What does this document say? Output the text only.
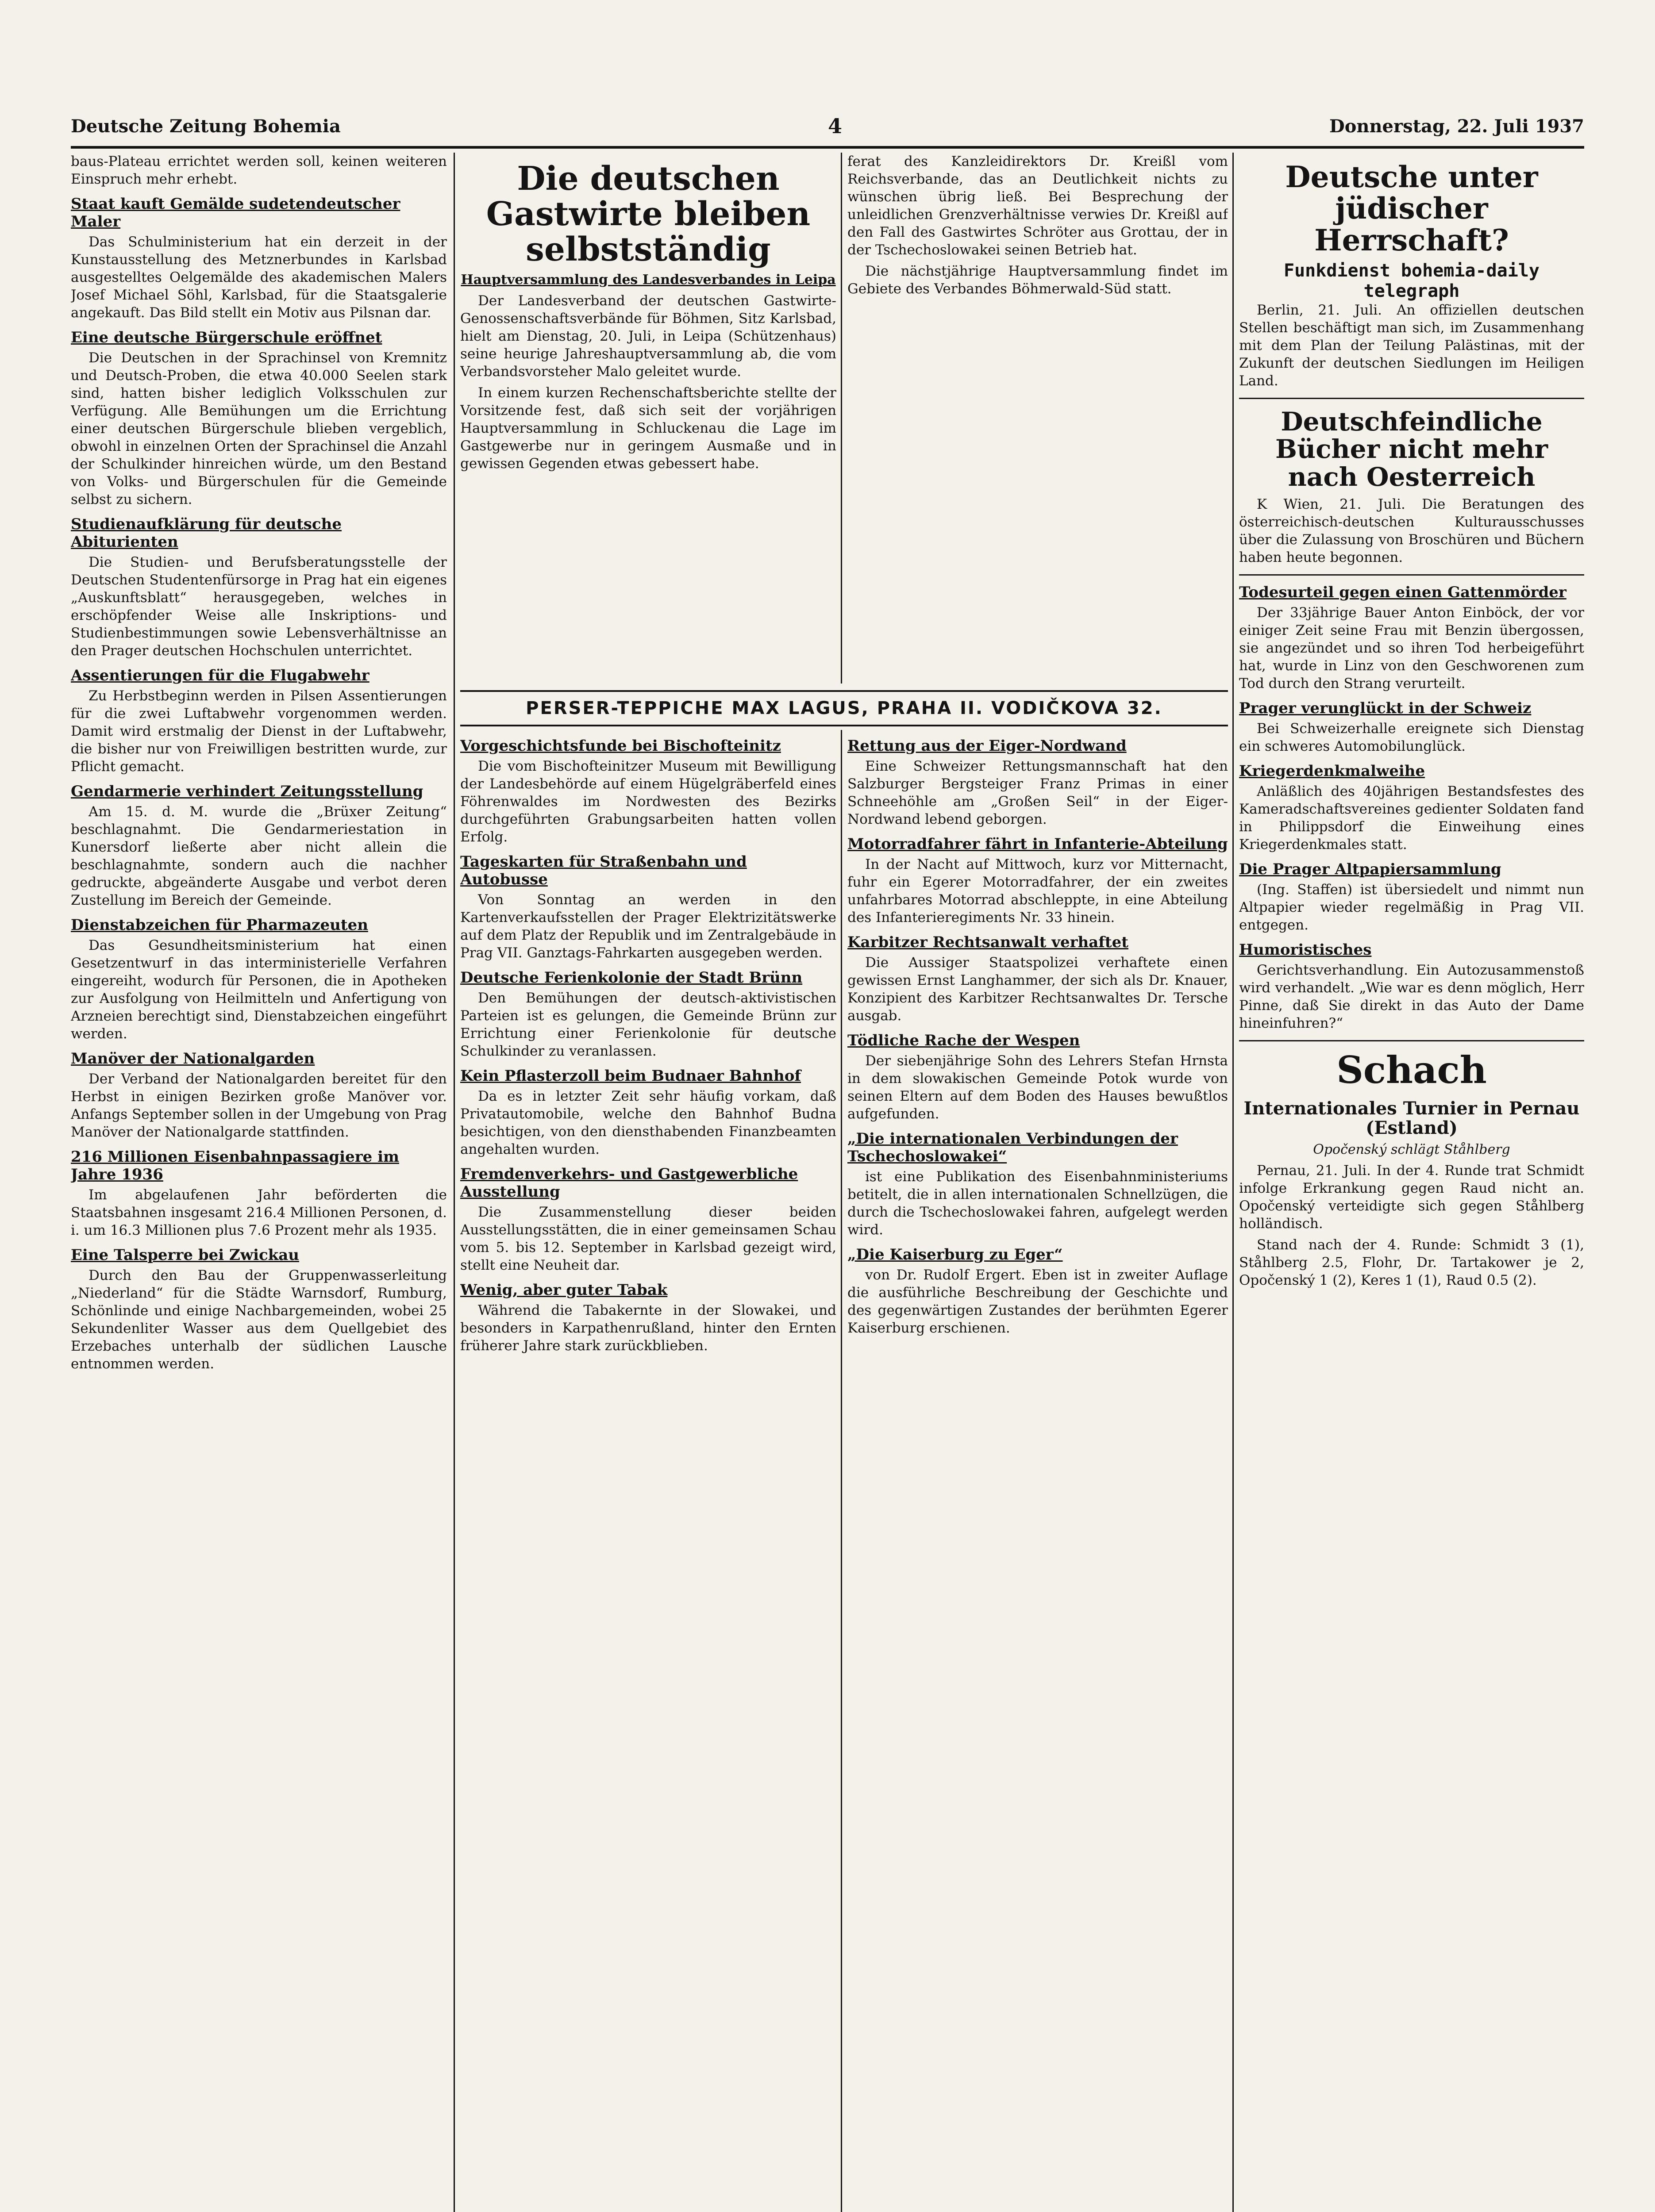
Deutsche Zeitung Bohemia	4	Donnerstag, 22. Juli 1937

baus-Plateau errichtet werden soll, keinen weiteren Einspruch mehr erhebt.

Staat kauft Gemälde sudetendeutscher Maler

Das Schulministerium hat ein derzeit in der Kunstausstellung des Metznerbundes in Karlsbad ausgestelltes Oelgemälde des akademischen Malers Josef Michael Söhl, Karlsbad, für die Staatsgalerie angekauft. Das Bild stellt ein Motiv aus Pilsnan dar.

Eine deutsche Bürgerschule eröffnet

Die Deutschen in der Sprachinsel von Kremnitz und Deutsch-Proben, die etwa 40.000 Seelen stark sind, hatten bisher lediglich Volksschulen zur Verfügung. Alle Bemühungen um die Errichtung einer deutschen Bürgerschule blieben vergeblich, obwohl in einzelnen Orten der Sprachinsel die Anzahl der Schulkinder hinreichen würde, um den Bestand von Volks- und Bürgerschulen für die Gemeinde selbst zu sichern.

Studienaufklärung für deutsche Abiturienten

Die Studien- und Berufsberatungsstelle der Deutschen Studentenfürsorge in Prag hat ein eigenes „Auskunftsblatt“ herausgegeben, welches in erschöpfender Weise alle Inskriptions- und Studienbestimmungen sowie Lebensverhältnisse an den Prager deutschen Hochschulen unterrichtet.

Assentierungen für die Flugabwehr

Zu Herbstbeginn werden in Pilsen Assentierungen für die zwei Luftabwehr vorgenommen werden. Damit wird erstmalig der Dienst in der Luftabwehr, die bisher nur von Freiwilligen bestritten wurde, zur Pflicht gemacht.

Gendarmerie verhindert Zeitungsstellung

Am 15. d. M. wurde die „Brüxer Zeitung“ beschlagnahmt. Die Gendarmeriestation in Kunersdorf ließerte aber nicht allein die beschlagnahmte, sondern auch die nachher gedruckte, abgeänderte Ausgabe und verbot deren Zustellung im Bereich der Gemeinde.

Dienstabzeichen für Pharmazeuten

Das Gesundheitsministerium hat einen Gesetzentwurf in das interministerielle Verfahren eingereiht, wodurch für Personen, die in Apotheken zur Ausfolgung von Heilmitteln und Anfertigung von Arzneien berechtigt sind, Dienstabzeichen eingeführt werden.

Manöver der Nationalgarden

Der Verband der Nationalgarden bereitet für den Herbst in einigen Bezirken große Manöver vor. Anfangs September sollen in der Umgebung von Prag Manöver der Nationalgarde stattfinden.

216 Millionen Eisenbahnpassagiere im Jahre 1936

Im abgelaufenen Jahr beförderten die Staatsbahnen insgesamt 216.4 Millionen Personen, d. i. um 16.3 Millionen plus 7.6 Prozent mehr als 1935.

Eine Talsperre bei Zwickau

Durch den Bau der Gruppenwasserleitung „Niederland“ für die Städte Warnsdorf, Rumburg, Schönlinde und einige Nachbargemeinden, wobei 25 Sekundenliter Wasser aus dem Quellgebiet des Erzebaches unterhalb der südlichen Lausche entnommen werden.

Die deutschen Gastwirte bleiben selbstständig
Hauptversammlung des Landesverbandes in Leipa

Der Landesverband der deutschen Gastwirte-Genossenschaftsverbände für Böhmen, Sitz Karlsbad, hielt am Dienstag, 20. Juli, in Leipa (Schützenhaus) seine heurige Jahreshauptversammlung ab, die vom Verbandsvorsteher Malo geleitet wurde.

In einem kurzen Rechenschaftsberichte stellte der Vorsitzende fest, daß sich seit der vorjährigen Hauptversammlung in Schluckenau die Lage im Gastgewerbe nur in geringem Ausmaße und in gewissen Gegenden etwas gebessert habe.

ferat des Kanzleidirektors Dr. Kreißl vom Reichsverbande, das an Deutlichkeit nichts zu wünschen übrig ließ. Bei Besprechung der unleidlichen Grenzverhältnisse verwies Dr. Kreißl auf den Fall des Gastwirtes Schröter aus Grottau, der in der Tschechoslowakei seinen Betrieb hat.

Die nächstjährige Hauptversammlung findet im Gebiete des Verbandes Böhmerwald-Süd statt.

PERSER-TEPPICHE MAX LAGUS, PRAHA II. VODIČKOVA 32.
Vorgeschichtsfunde bei Bischofteinitz

Die vom Bischofteinitzer Museum mit Bewilligung der Landesbehörde auf einem Hügelgräberfeld eines Föhrenwaldes im Nordwesten des Bezirks durchgeführten Grabungsarbeiten hatten vollen Erfolg.

Tageskarten für Straßenbahn und Autobusse

Von Sonntag an werden in den Kartenverkaufsstellen der Prager Elektrizitätswerke auf dem Platz der Republik und im Zentralgebäude in Prag VII. Ganztags-Fahrkarten ausgegeben werden.

Deutsche Ferienkolonie der Stadt Brünn

Den Bemühungen der deutsch-aktivistischen Parteien ist es gelungen, die Gemeinde Brünn zur Errichtung einer Ferienkolonie für deutsche Schulkinder zu veranlassen.

Kein Pflasterzoll beim Budnaer Bahnhof

Da es in letzter Zeit sehr häufig vorkam, daß Privatautomobile, welche den Bahnhof Budna besichtigen, von den diensthabenden Finanzbeamten angehalten wurden.

Fremdenverkehrs- und Gastgewerbliche Ausstellung

Die Zusammenstellung dieser beiden Ausstellungsstätten, die in einer gemeinsamen Schau vom 5. bis 12. September in Karlsbad gezeigt wird, stellt eine Neuheit dar.

Wenig, aber guter Tabak

Während die Tabakernte in der Slowakei, und besonders in Karpathenrußland, hinter den Ernten früherer Jahre stark zurückblieben.

Rettung aus der Eiger-Nordwand

Eine Schweizer Rettungsmannschaft hat den Salzburger Bergsteiger Franz Primas in einer Schneehöhle am „Großen Seil“ in der Eiger-Nordwand lebend geborgen.

Motorradfahrer fährt in Infanterie-Abteilung

In der Nacht auf Mittwoch, kurz vor Mitternacht, fuhr ein Egerer Motorradfahrer, der ein zweites unfahrbares Motorrad abschleppte, in eine Abteilung des Infanterieregiments Nr. 33 hinein.

Karbitzer Rechtsanwalt verhaftet

Die Aussiger Staatspolizei verhaftete einen gewissen Ernst Langhammer, der sich als Dr. Knauer, Konzipient des Karbitzer Rechtsanwaltes Dr. Tersche ausgab.

Tödliche Rache der Wespen

Der siebenjährige Sohn des Lehrers Stefan Hrnsta in dem slowakischen Gemeinde Potok wurde von seinen Eltern auf dem Boden des Hauses bewußtlos aufgefunden.

„Die internationalen Verbindungen der Tschechoslowakei“

ist eine Publikation des Eisenbahnministeriums betitelt, die in allen internationalen Schnellzügen, die durch die Tschechoslowakei fahren, aufgelegt werden wird.

„Die Kaiserburg zu Eger“

von Dr. Rudolf Ergert. Eben ist in zweiter Auflage die ausführliche Beschreibung der Geschichte und des gegenwärtigen Zustandes der berühmten Egerer Kaiserburg erschienen.

Deutsche unter jüdischer Herrschaft?
Funkdienst bohemia-daily telegraph

Berlin, 21. Juli. An offiziellen deutschen Stellen beschäftigt man sich, im Zusammenhang mit dem Plan der Teilung Palästinas, mit der Zukunft der deutschen Siedlungen im Heiligen Land.

Deutschfeindliche Bücher nicht mehr nach Oesterreich

K Wien, 21. Juli. Die Beratungen des österreichisch-deutschen Kulturausschusses über die Zulassung von Broschüren und Büchern haben heute begonnen.

Todesurteil gegen einen Gattenmörder

Der 33jährige Bauer Anton Einböck, der vor einiger Zeit seine Frau mit Benzin übergossen, sie angezündet und so ihren Tod herbeigeführt hat, wurde in Linz von den Geschworenen zum Tod durch den Strang verurteilt.

Prager verunglückt in der Schweiz

Bei Schweizerhalle ereignete sich Dienstag ein schweres Automobilunglück.

Kriegerdenkmalweihe

Anläßlich des 40jährigen Bestandsfestes des Kameradschaftsvereines gedienter Soldaten fand in Philippsdorf die Einweihung eines Kriegerdenkmales statt.

Die Prager Altpapiersammlung

(Ing. Staffen) ist übersiedelt und nimmt nun Altpapier wieder regelmäßig in Prag VII. entgegen.

Humoristisches

Gerichtsverhandlung. Ein Autozusammenstoß wird verhandelt. „Wie war es denn möglich, Herr Pinne, daß Sie direkt in das Auto der Dame hineinfuhren?“

Schach
Internationales Turnier in Pernau (Estland)
Opočenský schlägt Ståhlberg

Pernau, 21. Juli. In der 4. Runde trat Schmidt infolge Erkrankung gegen Raud nicht an. Opočenský verteidigte sich gegen Ståhlberg holländisch.

Stand nach der 4. Runde: Schmidt 3 (1), Ståhlberg 2.5, Flohr, Dr. Tartakower je 2, Opočenský 1 (2), Keres 1 (1), Raud 0.5 (2).
